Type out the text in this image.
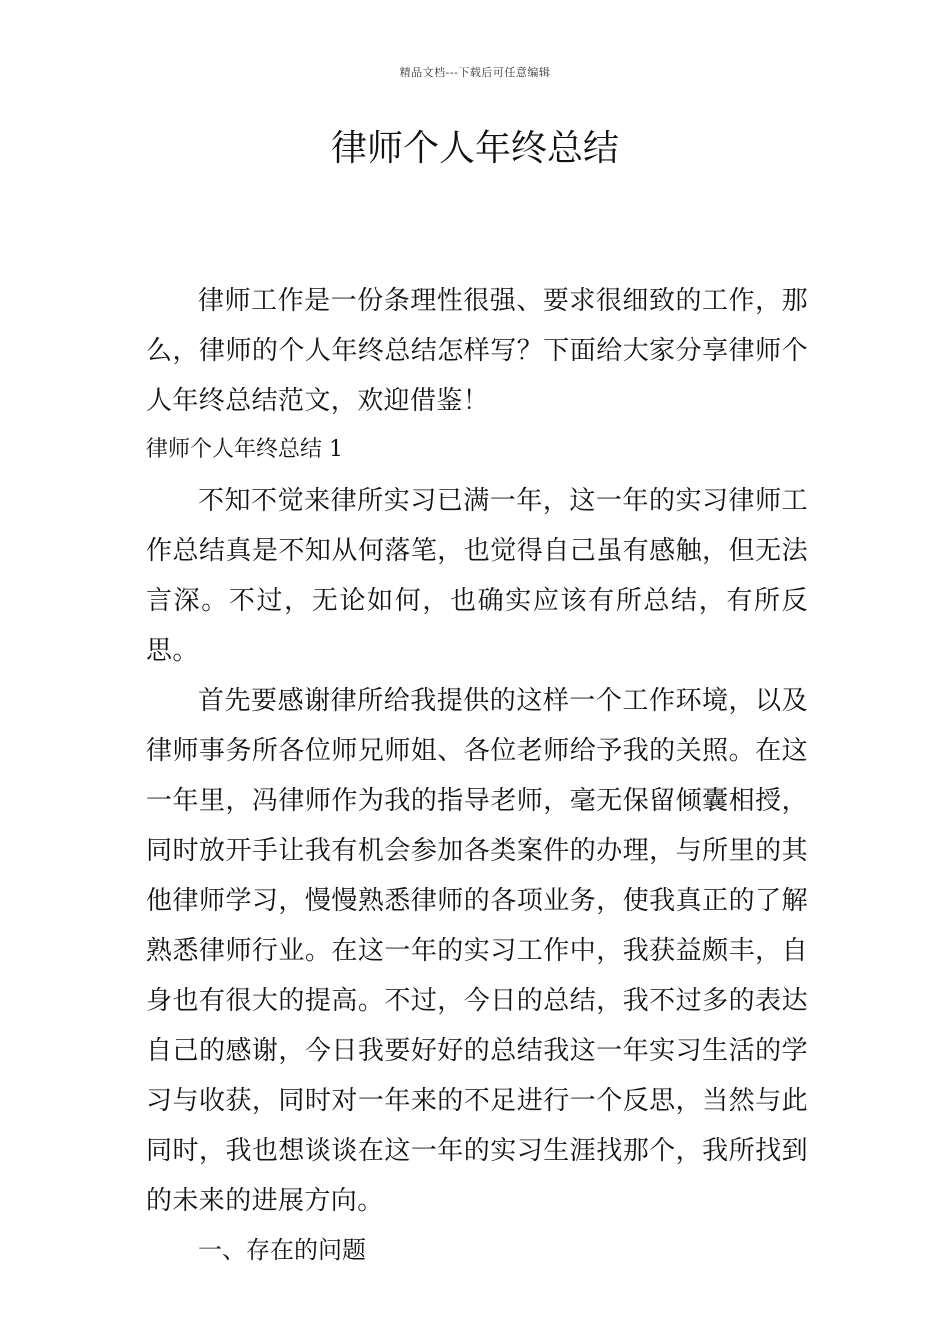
精品文档---下载后可任意编辑
律师个人年终总结

律师工作是一份条理性很强、要求很细致的工作，那么，律师的个人年终总结怎样写？下面给大家分享律师个人年终总结范文，欢迎借鉴！

律师个人年终总结 1

不知不觉来律所实习已满一年，这一年的实习律师工作总结真是不知从何落笔，也觉得自己虽有感触，但无法言深。不过，无论如何，也确实应该有所总结，有所反思。

首先要感谢律所给我提供的这样一个工作环境，以及律师事务所各位师兄师姐、各位老师给予我的关照。在这一年里，冯律师作为我的指导老师，毫无保留倾囊相授，同时放开手让我有机会参加各类案件的办理，与所里的其他律师学习，慢慢熟悉律师的各项业务，使我真正的了解熟悉律师行业。在这一年的实习工作中，我获益颇丰，自身也有很大的提高。不过，今日的总结，我不过多的表达自己的感谢，今日我要好好的总结我这一年实习生活的学习与收获，同时对一年来的不足进行一个反思，当然与此同时，我也想谈谈在这一年的实习生涯找那个，我所找到的未来的进展方向。

一、存在的问题
